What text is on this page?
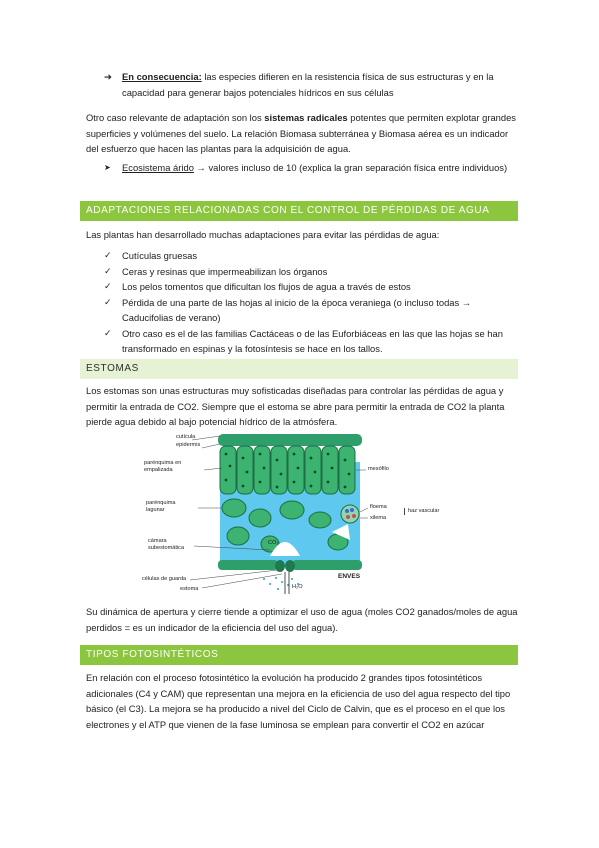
➔ En consecuencia: las especies difieren en la resistencia física de sus estructuras y en la capacidad para generar bajos potenciales hídricos en sus células
Otro caso relevante de adaptación son los sistemas radicales potentes que permiten explotar grandes superficies y volúmenes del suelo. La relación Biomasa subterránea y Biomasa aérea es un indicador del esfuerzo que hacen las plantas para la adquisición de agua.
➤ Ecosistema árido → valores incluso de 10 (explica la gran separación física entre individuos)
ADAPTACIONES RELACIONADAS CON EL CONTROL DE PÉRDIDAS DE AGUA
Las plantas han desarrollado muchas adaptaciones para evitar las pérdidas de agua:
✓ Cutículas gruesas
✓ Ceras y resinas que impermeabilizan los órganos
✓ Los pelos tomentos que dificultan los flujos de agua a través de estos
✓ Pérdida de una parte de las hojas al inicio de la época veraniega (o incluso todas → Caducifolias de verano)
✓ Otro caso es el de las familias Cactáceas o de las Euforbiáceas en las que las hojas se han transformado en espinas y la fotosíntesis se hace en los tallos.
ESTOMAS
Los estomas son unas estructuras muy sofisticadas diseñadas para controlar las pérdidas de agua y permitir la entrada de CO2. Siempre que el estoma se abre para permitir la entrada de CO2 la planta pierde agua debido al bajo potencial hídrico de la atmósfera.
cutícula
epidermis
parénquima en empalizada
parénquima lagunar
cámara subestomática
células de guarda
estoma
mesófilo
floema
xilema
haz vascular
ENVES
CO₂
H₂O
Su dinámica de apertura y cierre tiende a optimizar el uso de agua (moles CO2 ganados/moles de agua perdidos = es un indicador de la eficiencia del uso del agua).
TIPOS FOTOSINTÉTICOS
En relación con el proceso fotosintético la evolución ha producido 2 grandes tipos fotosintéticos adicionales (C4 y CAM) que representan una mejora en la eficiencia de uso del agua respecto del tipo básico (el C3). La mejora se ha producido a nivel del Ciclo de Calvin, que es el proceso en el que los electrones y el ATP que vienen de la fase luminosa se emplean para convertir el CO2 en azúcar
